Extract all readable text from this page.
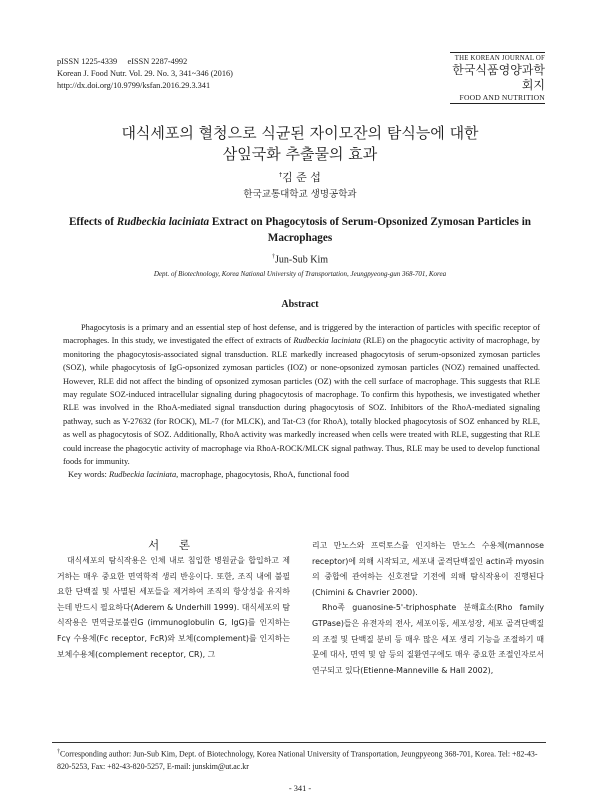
pISSN 1225-4339     eISSN 2287-4992
Korean J. Food Nutr. Vol. 29. No. 3, 341~346 (2016)
http://dx.doi.org/10.9799/ksfan.2016.29.3.341
THE KOREAN JOURNAL OF
한국식품영양과학회지
FOOD AND NUTRITION
대식세포의 혈청으로 식균된 자이모잔의 탐식능에 대한
삼잎국화 추출물의 효과
†김 준 섭
한국교통대학교 생명공학과
Effects of Rudbeckia laciniata Extract on Phagocytosis of Serum-Opsonized Zymosan Particles in Macrophages
†Jun-Sub Kim
Dept. of Biotechnology, Korea National University of Transportation, Jeungpyeong-gun 368-701, Korea
Abstract

Phagocytosis is a primary and an essential step of host defense, and is triggered by the interaction of particles with specific receptor of macrophages. In this study, we investigated the effect of extracts of Rudbeckia laciniata (RLE) on the phagocytic activity of macrophage, by monitoring the phagocytosis-associated signal transduction. RLE markedly increased phagocytosis of serum-opsonized zymosan particles (SOZ), while phagocytosis of IgG-opsonized zymosan particles (IOZ) or none-opsonized zymosan particles (NOZ) remained unaffected. However, RLE did not affect the binding of opsonized zymosan particles (OZ) with the cell surface of macrophage. This suggests that RLE may regulate SOZ-induced intracellular signaling during phagocytosis of macrophage. To confirm this hypothesis, we investigated whether RLE was involved in the RhoA-mediated signal transduction during phagocytosis of SOZ. Inhibitors of the RhoA-mediated signaling pathway, such as Y-27632 (for ROCK), ML-7 (for MLCK), and Tat-C3 (for RhoA), totally blocked phagocytosis of SOZ enhanced by RLE, as well as phagocytosis of SOZ. Additionally, RhoA activity was markedly increased when cells were treated with RLE, suggesting that RLE could increase the phagocytic activity of macrophage via RhoA-ROCK/MLCK signal pathway. Thus, RLE may be used to develop functional foods for immunity.

Key words: Rudbeckia laciniata, macrophage, phagocytosis, RhoA, functional food

서 론

대식세포의 탐식작용은 인체 내로 침입한 병원균을 합입하고 제거하는 매우 중요한 면역학적 생리 반응이다. 또한, 조직 내에 불필요한 단백질 및 사멸된 세포들을 제거하여 조직의 항상성을 유지하는데 반드시 필요하다(Aderem & Underhill 1999). 대식세포의 탐식작용은 면역글로불린G (immunoglobulin G, IgG)를 인지하는 Fcγ 수용체(Fc receptor, FcR)와 보체(complement)를 인지하는 보체수용체(complement receptor, CR), 그

리고 만노스와 프럭토스를 인지하는 만노스 수용체(mannose receptor)에 의해 시작되고, 세포내 골격단백질인 actin과 myosin의 중합에 관여하는 신호전달 기전에 의해 탐식작용이 진행된다(Chimini & Chavrier 2000).

Rho족 guanosine-5'-triphosphate 분해효소(Rho family GTPase)들은 유전자의 전사, 세포이동, 세포성장, 세포 골격단백질의 조절 및 단백질 분비 등 매우 많은 세포 생리 기능을 조절하기 때문에 대사, 면역 및 암 등의 질환연구에도 매우 중요한 조절인자로서 연구되고 있다(Etienne-Manneville & Hall 2002),

†Corresponding author: Jun-Sub Kim, Dept. of Biotechnology, Korea National University of Transportation, Jeungpyeong 368-701, Korea. Tel: +82-43-820-5253, Fax: +82-43-820-5257, E-mail: junskim@ut.ac.kr
- 341 -
